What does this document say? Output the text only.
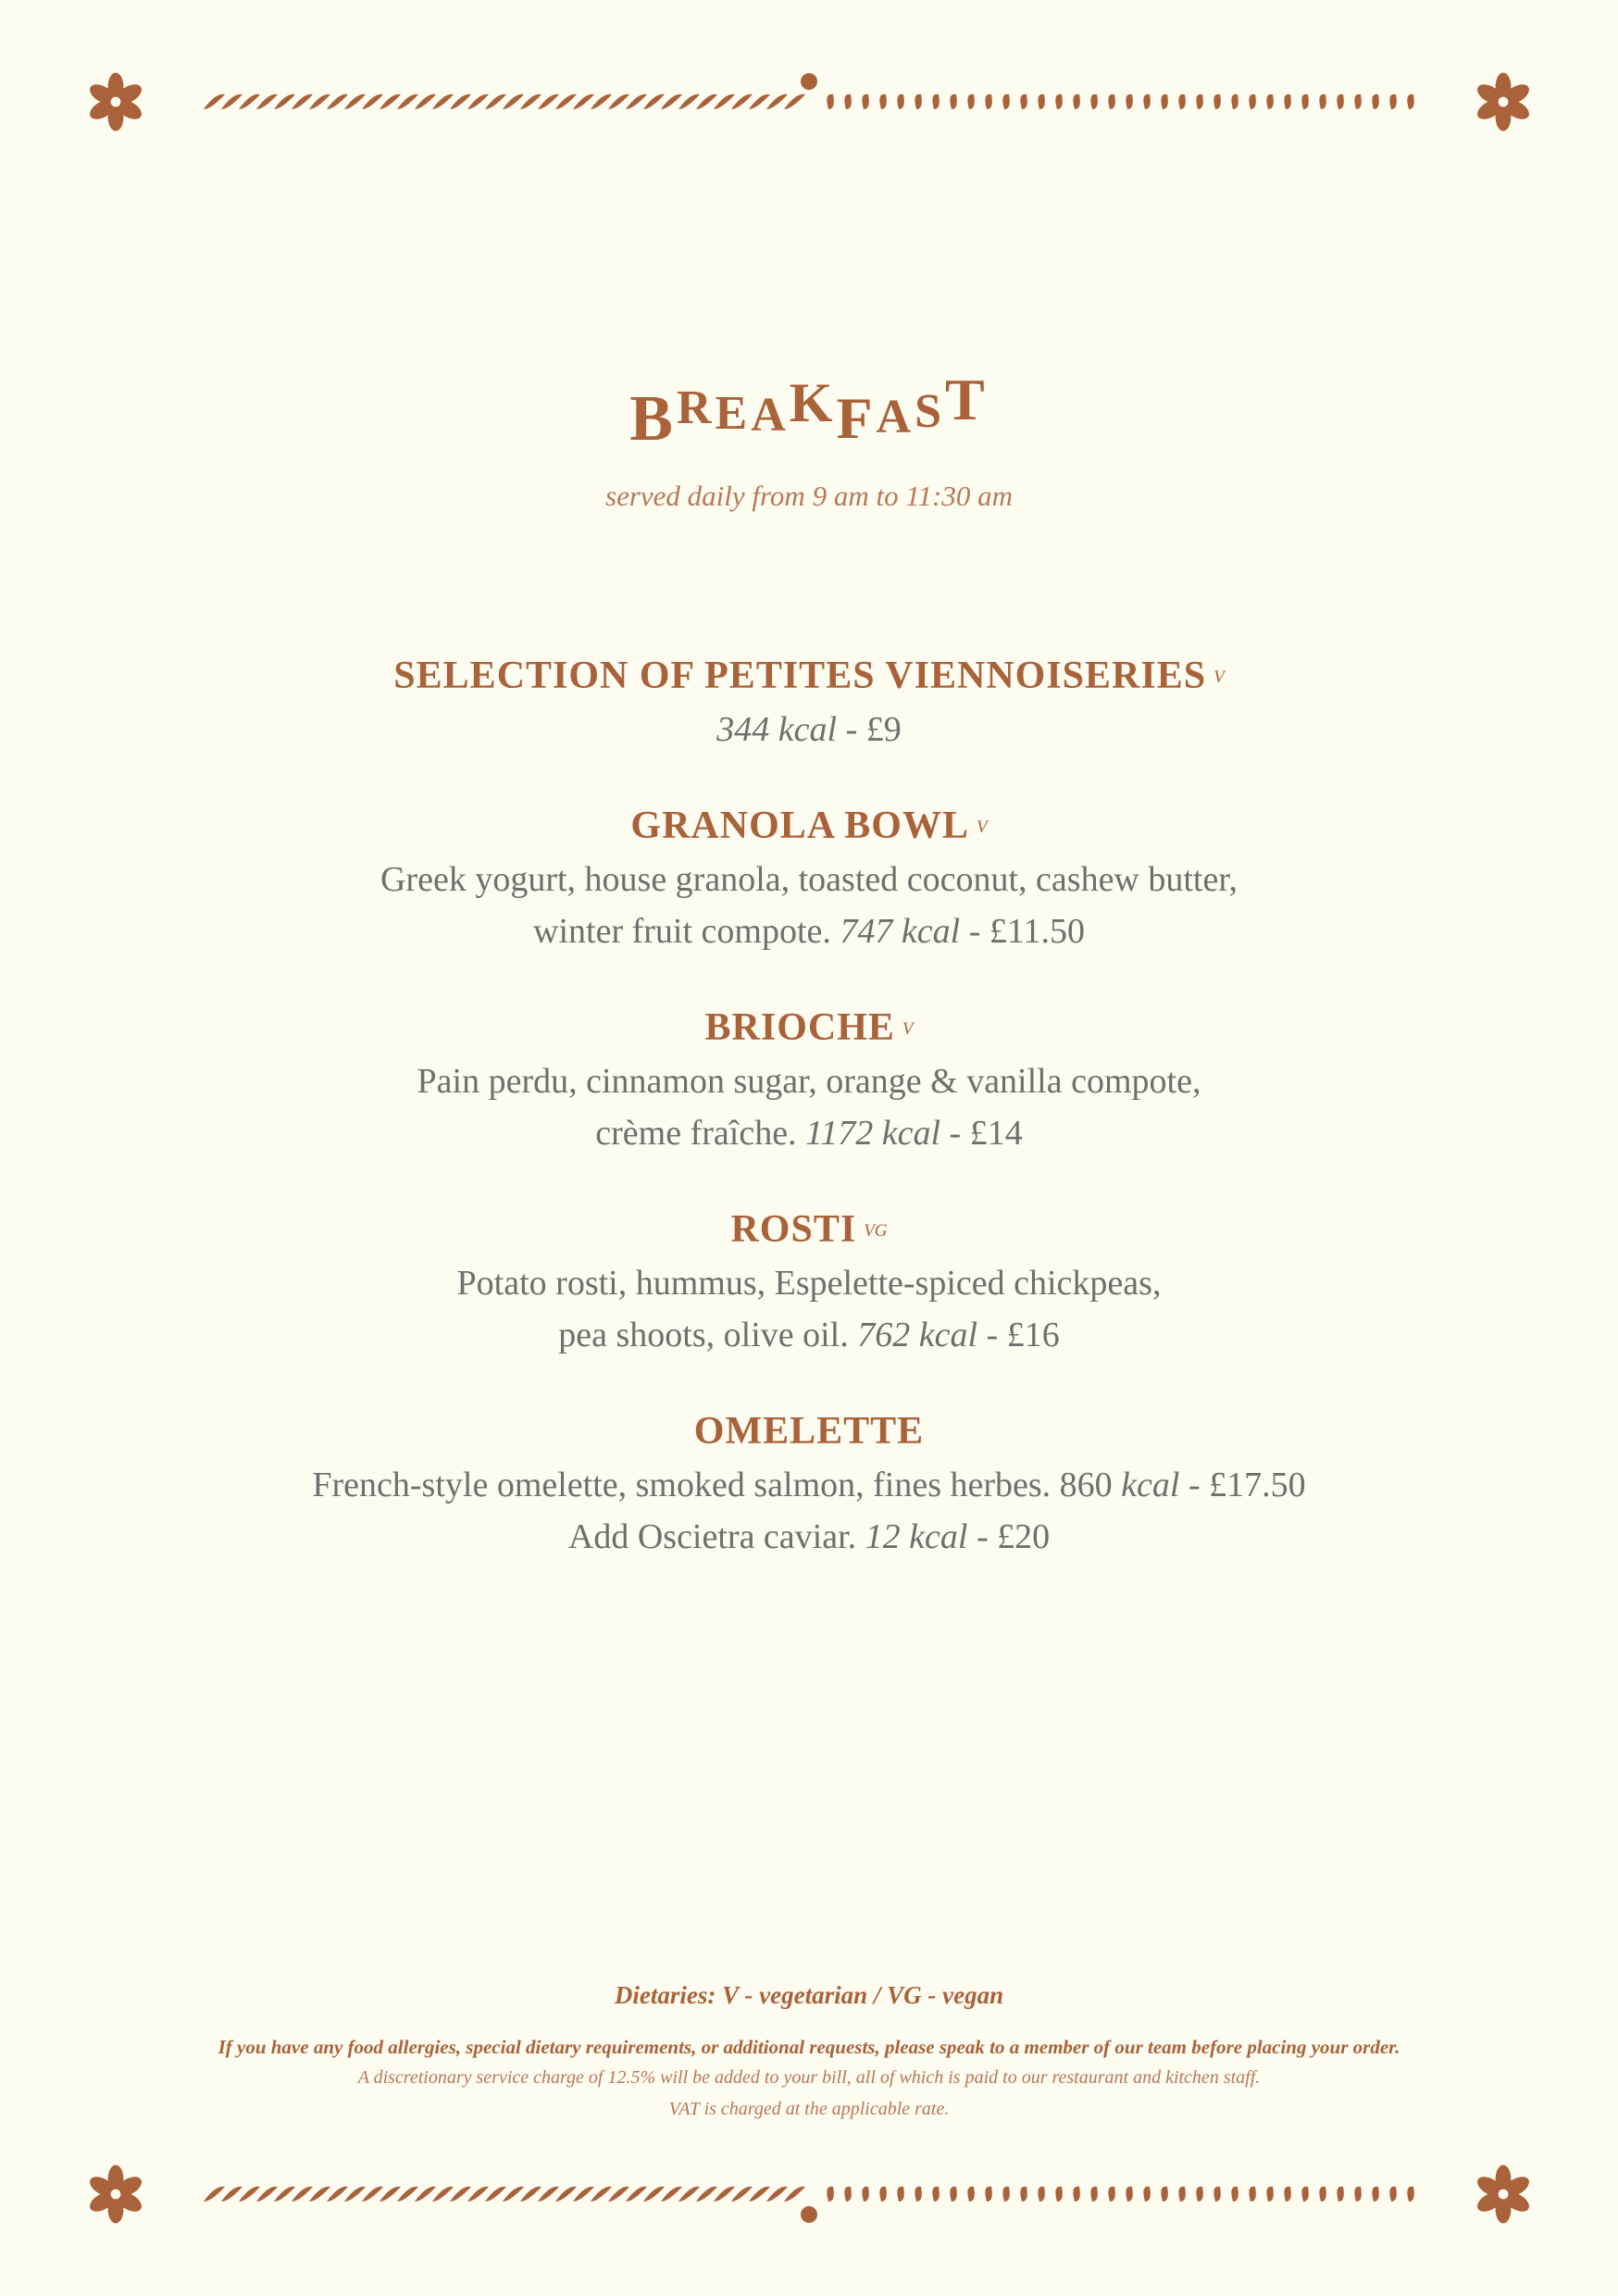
BREAKFAST
served daily from 9 am to 11:30 am
SELECTION OF PETITES VIENNOISERIES $^V$
344 kcal - £9
GRANOLA BOWL $^V$
Greek yogurt, house granola, toasted coconut, cashew butter,
winter fruit compote. 747 kcal - £11.50
BRIOCHE $^V$
Pain perdu, cinnamon sugar, orange & vanilla compote,
crème fraîche. 1172 kcal - £14
ROSTI $^{VG}$
Potato rosti, hummus, Espelette-spiced chickpeas,
pea shoots, olive oil. 762 kcal - £16
OMELETTE
French-style omelette, smoked salmon, fines herbes. 860 kcal - £17.50
Add Oscietra caviar. 12 kcal - £20
Dietaries: V - vegetarian / VG - vegan
If you have any food allergies, special dietary requirements, or additional requests, please speak to a member of our team before placing your order.
A discretionary service charge of 12.5% will be added to your bill, all of which is paid to our restaurant and kitchen staff.
VAT is charged at the applicable rate.
